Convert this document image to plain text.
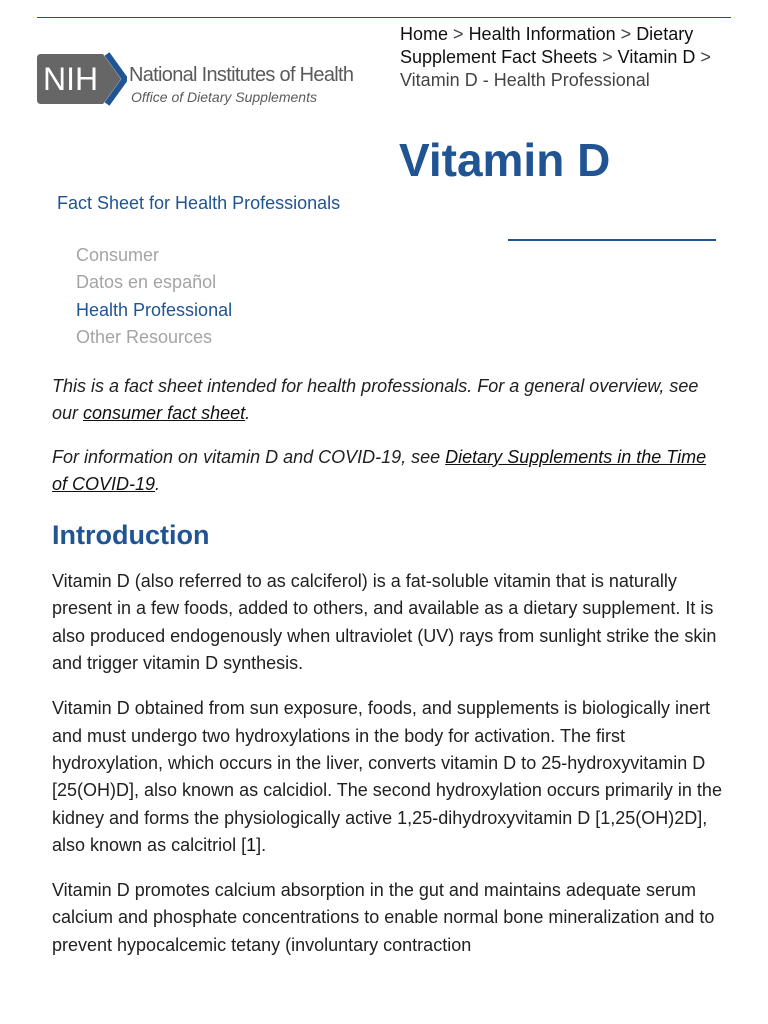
NIH National Institutes of Health
Office of Dietary Supplements
Home > Health Information > Dietary Supplement Fact Sheets > Vitamin D > Vitamin D - Health Professional
Vitamin D
Fact Sheet for Health Professionals
Consumer
Datos en español
Health Professional
Other Resources

This is a fact sheet intended for health professionals. For a general overview, see our consumer fact sheet.

For information on vitamin D and COVID-19, see Dietary Supplements in the Time of COVID-19.

Introduction

Vitamin D (also referred to as calciferol) is a fat-soluble vitamin that is naturally present in a few foods, added to others, and available as a dietary supplement. It is also produced endogenously when ultraviolet (UV) rays from sunlight strike the skin and trigger vitamin D synthesis.

Vitamin D obtained from sun exposure, foods, and supplements is biologically inert and must undergo two hydroxylations in the body for activation. The first hydroxylation, which occurs in the liver, converts vitamin D to 25-hydroxyvitamin D [25(OH)D], also known as calcidiol. The second hydroxylation occurs primarily in the kidney and forms the physiologically active 1,25-dihydroxyvitamin D [1,25(OH)2D], also known as calcitriol [1].

Vitamin D promotes calcium absorption in the gut and maintains adequate serum calcium and phosphate concentrations to enable normal bone mineralization and to prevent hypocalcemic tetany (involuntary contraction
